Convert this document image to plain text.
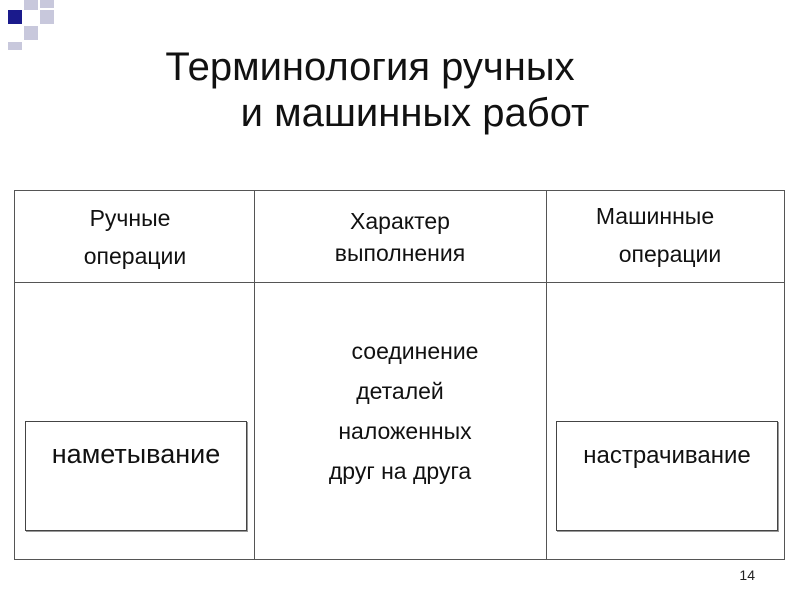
Терминология ручных
и машинных работ
Ручные
операции
Характер
выполнения
Машинные
операции
соединение
деталей
наложенных
друг на друга
наметывание	настрачивание
14
